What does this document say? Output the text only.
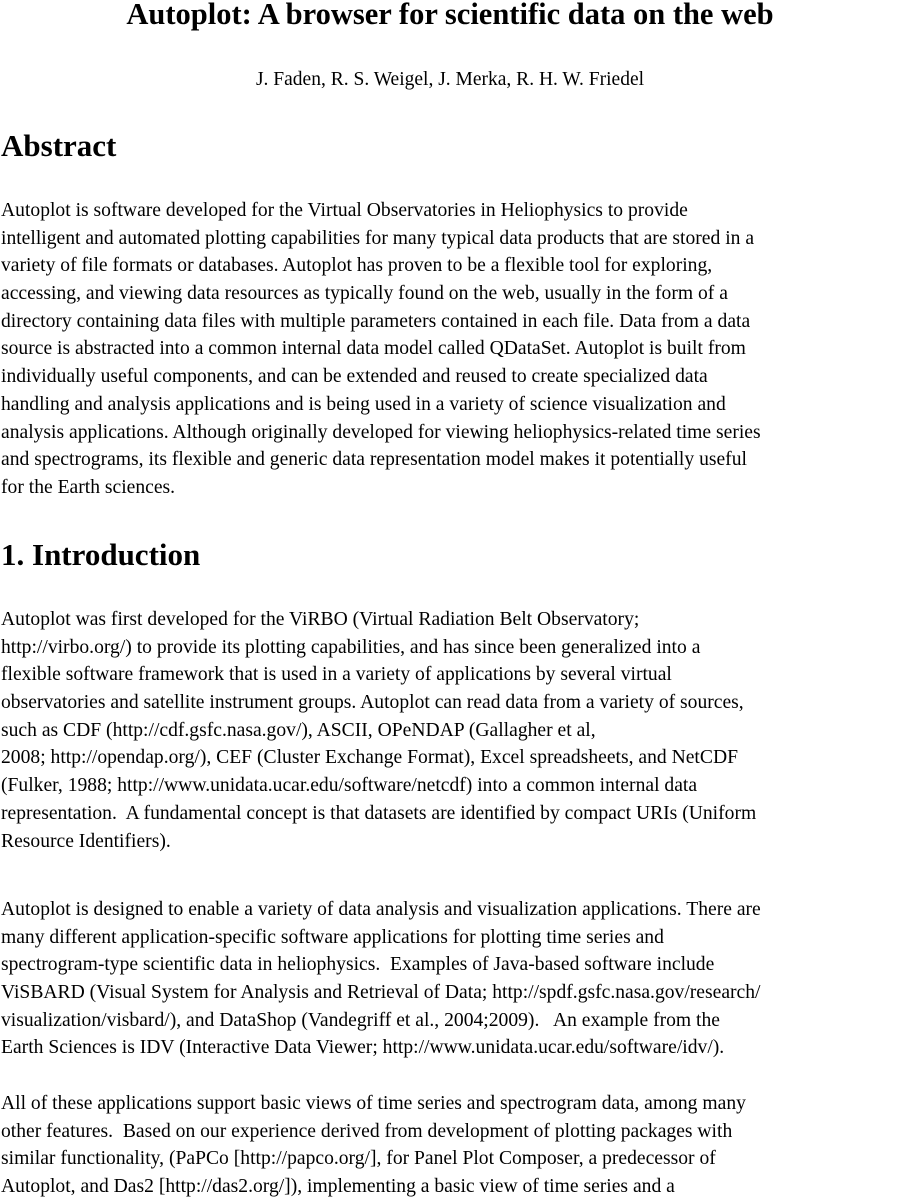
Autoplot: A browser for scientific data on the web

J. Faden, R. S. Weigel, J. Merka, R. H. W. Friedel

Abstract
Autoplot is software developed for the Virtual Observatories in Heliophysics to provide
intelligent and automated plotting capabilities for many typical data products that are stored in a
variety of file formats or databases. Autoplot has proven to be a flexible tool for exploring,
accessing, and viewing data resources as typically found on the web, usually in the form of a
directory containing data files with multiple parameters contained in each file. Data from a data
source is abstracted into a common internal data model called QDataSet. Autoplot is built from
individually useful components, and can be extended and reused to create specialized data
handling and analysis applications and is being used in a variety of science visualization and
analysis applications. Although originally developed for viewing heliophysics-related time series
and spectrograms, its flexible and generic data representation model makes it potentially useful
for the Earth sciences.
1. Introduction
Autoplot was first developed for the ViRBO (Virtual Radiation Belt Observatory;
http://virbo.org/) to provide its plotting capabilities, and has since been generalized into a
flexible software framework that is used in a variety of applications by several virtual
observatories and satellite instrument groups. Autoplot can read data from a variety of sources,
such as CDF (http://cdf.gsfc.nasa.gov/), ASCII, OPeNDAP (Gallagher et al,
2008; http://opendap.org/), CEF (Cluster Exchange Format), Excel spreadsheets, and NetCDF
(Fulker, 1988; http://www.unidata.ucar.edu/software/netcdf) into a common internal data
representation.  A fundamental concept is that datasets are identified by compact URIs (Uniform
Resource Identifiers).
Autoplot is designed to enable a variety of data analysis and visualization applications. There are
many different application-specific software applications for plotting time series and
spectrogram-type scientific data in heliophysics.  Examples of Java-based software include
ViSBARD (Visual System for Analysis and Retrieval of Data; http://spdf.gsfc.nasa.gov/research/
visualization/visbard/), and DataShop (Vandegriff et al., 2004;2009).   An example from the
Earth Sciences is IDV (Interactive Data Viewer; http://www.unidata.ucar.edu/software/idv/).
All of these applications support basic views of time series and spectrogram data, among many
other features.  Based on our experience derived from development of plotting packages with
similar functionality, (PaPCo [http://papco.org/], for Panel Plot Composer, a predecessor of
Autoplot, and Das2 [http://das2.org/]), implementing a basic view of time series and a
